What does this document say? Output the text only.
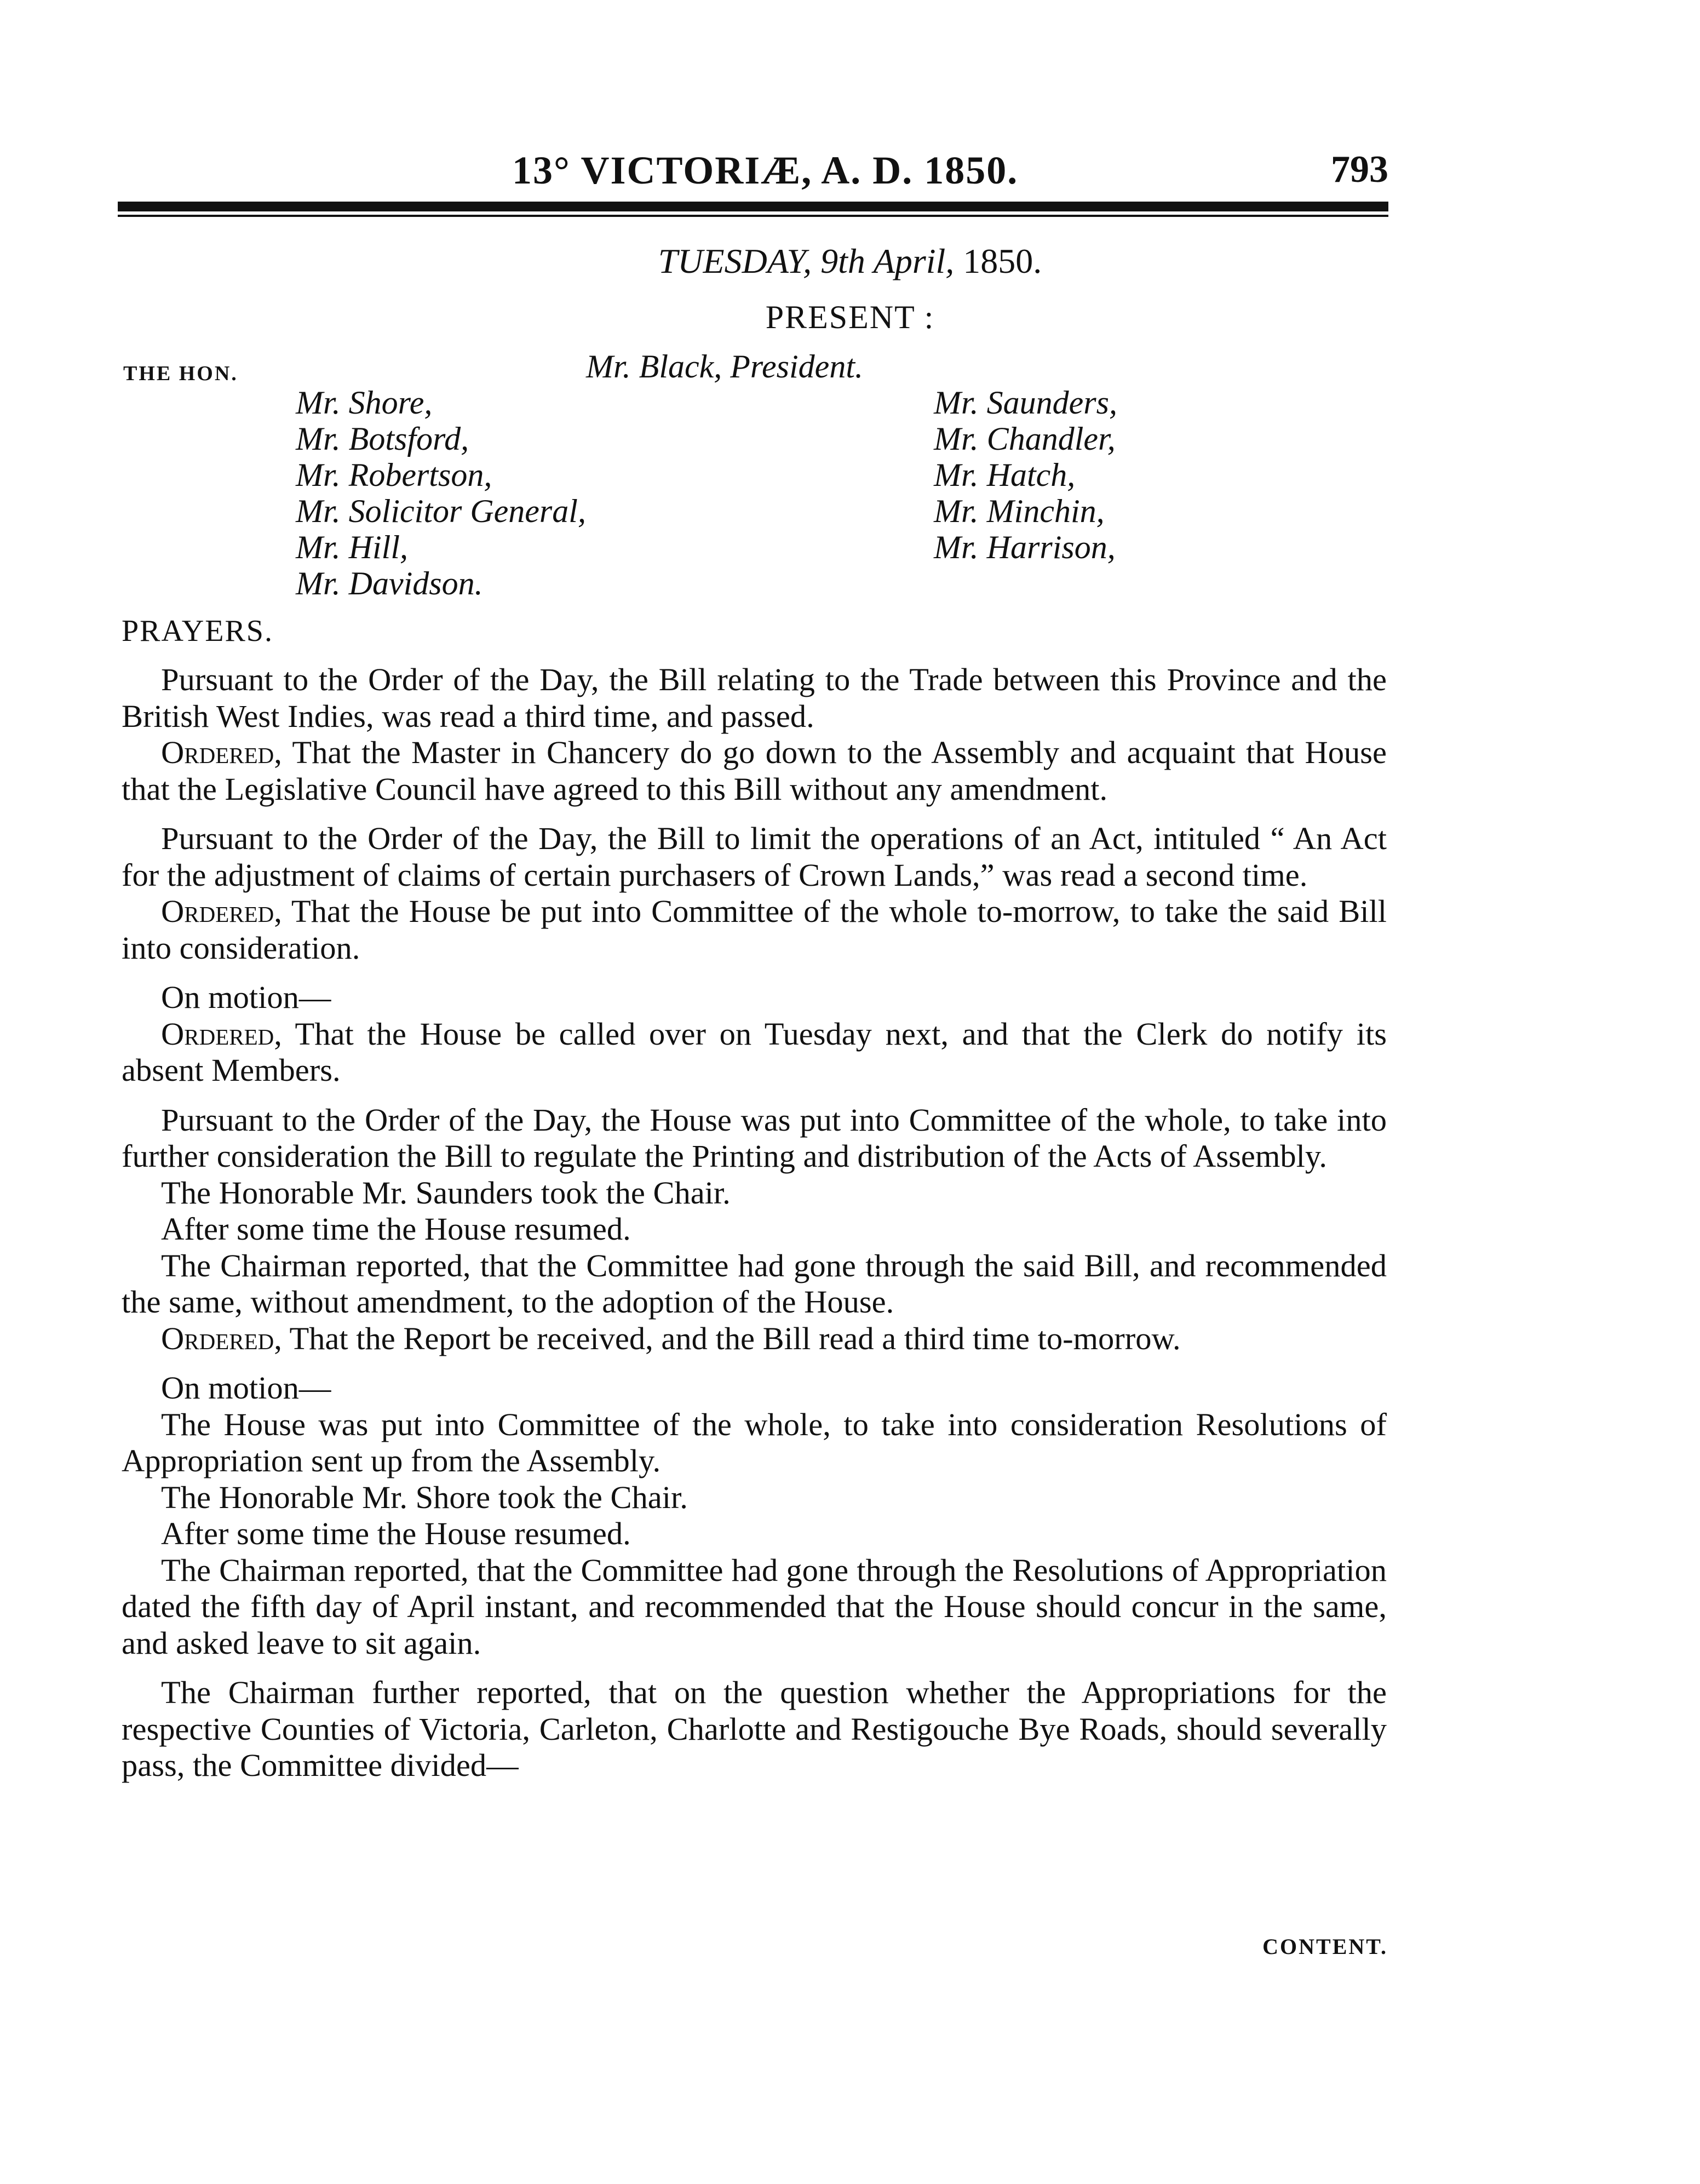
13° VICTORIÆ, A. D. 1850.	793
TUESDAY, 9th April, 1850.
PRESENT :
THE HON.	Mr. Black, President.
Mr. Shore,
Mr. Botsford,
Mr. Robertson,
Mr. Solicitor General,
Mr. Hill,
Mr. Davidson.
Mr. Saunders,
Mr. Chandler,
Mr. Hatch,
Mr. Minchin,
Mr. Harrison,
PRAYERS.

Pursuant to the Order of the Day, the Bill relating to the Trade between this Province and the British West Indies, was read a third time, and passed.

Ordered, That the Master in Chancery do go down to the Assembly and acquaint that House that the Legislative Council have agreed to this Bill without any amendment.

Pursuant to the Order of the Day, the Bill to limit the operations of an Act, intituled “ An Act for the adjustment of claims of certain purchasers of Crown Lands,” was read a second time.

Ordered, That the House be put into Committee of the whole to-morrow, to take the said Bill into consideration.

On motion—

Ordered, That the House be called over on Tuesday next, and that the Clerk do notify its absent Members.

Pursuant to the Order of the Day, the House was put into Committee of the whole, to take into further consideration the Bill to regulate the Printing and distribution of the Acts of Assembly.

The Honorable Mr. Saunders took the Chair.

After some time the House resumed.

The Chairman reported, that the Committee had gone through the said Bill, and recommended the same, without amendment, to the adoption of the House.

Ordered, That the Report be received, and the Bill read a third time to-morrow.

On motion—

The House was put into Committee of the whole, to take into consideration Resolutions of Appropriation sent up from the Assembly.

The Honorable Mr. Shore took the Chair.

After some time the House resumed.

The Chairman reported, that the Committee had gone through the Resolutions of Appropriation dated the fifth day of April instant, and recommended that the House should concur in the same, and asked leave to sit again.

The Chairman further reported, that on the question whether the Appropriations for the respective Counties of Victoria, Carleton, Charlotte and Restigouche Bye Roads, should severally pass, the Committee divided—

CONTENT.
